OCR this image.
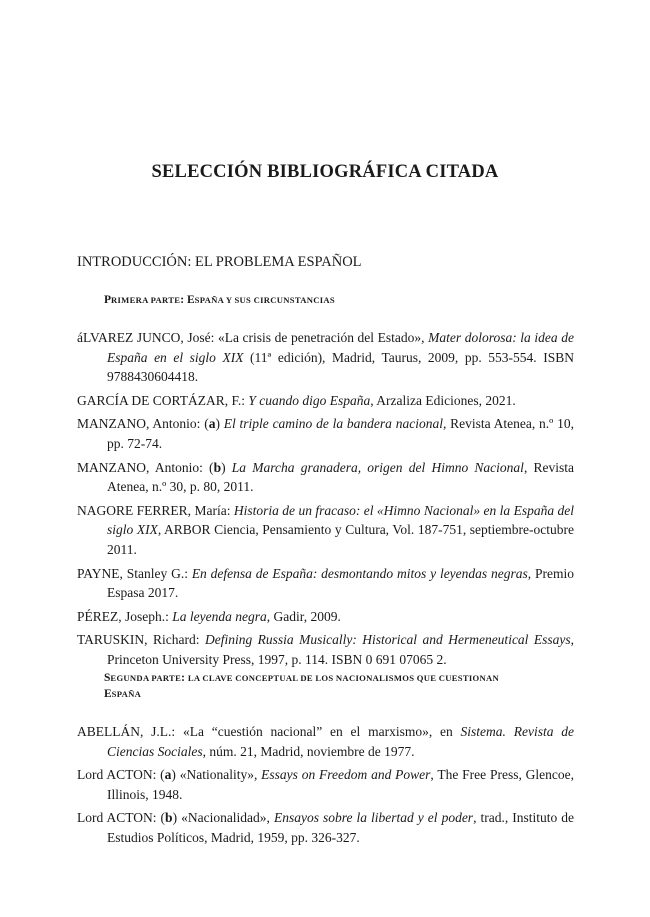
SELECCIÓN BIBLIOGRÁFICA CITADA

INTRODUCCIÓN: EL PROBLEMA ESPAÑOL

PRIMERA PARTE: ESPAÑA Y SUS CIRCUNSTANCIAS

áLVAREZ JUNCO, José: «La crisis de penetración del Estado», Mater dolorosa: la idea de España en el siglo XIX (11ª edición), Madrid, Taurus, 2009, pp. 553-554. ISBN 9788430604418.
GARCÍA DE CORTÁZAR, F.: Y cuando digo España, Arzaliza Ediciones, 2021.
MANZANO, Antonio: (a) El triple camino de la bandera nacional, Revista Atenea, n.º 10, pp. 72-74.
MANZANO, Antonio: (b) La Marcha granadera, origen del Himno Nacional, Revista Atenea, n.º 30, p. 80, 2011.
NAGORE FERRER, María: Historia de un fracaso: el «Himno Nacional» en la España del siglo XIX, ARBOR Ciencia, Pensamiento y Cultura, Vol. 187-751, septiembre-octubre 2011.
PAYNE, Stanley G.: En defensa de España: desmontando mitos y leyendas negras, Premio Espasa 2017.
PÉREZ, Joseph.: La leyenda negra, Gadir, 2009.
TARUSKIN, Richard: Defining Russia Musically: Historical and Hermeneutical Essays, Princeton University Press, 1997, p. 114. ISBN 0 691 07065 2.

SEGUNDA PARTE: LA CLAVE CONCEPTUAL DE LOS NACIONALISMOS QUE CUESTIONAN ESPAÑA

ABELLÁN, J.L.: «La “cuestión nacional” en el marxismo», en Sistema. Revista de Ciencias Sociales, núm. 21, Madrid, noviembre de 1977.
Lord ACTON: (a) «Nationality», Essays on Freedom and Power, The Free Press, Glencoe, Illinois, 1948.
Lord ACTON: (b) «Nacionalidad», Ensayos sobre la libertad y el poder, trad., Instituto de Estudios Políticos, Madrid, 1959, pp. 326-327.
